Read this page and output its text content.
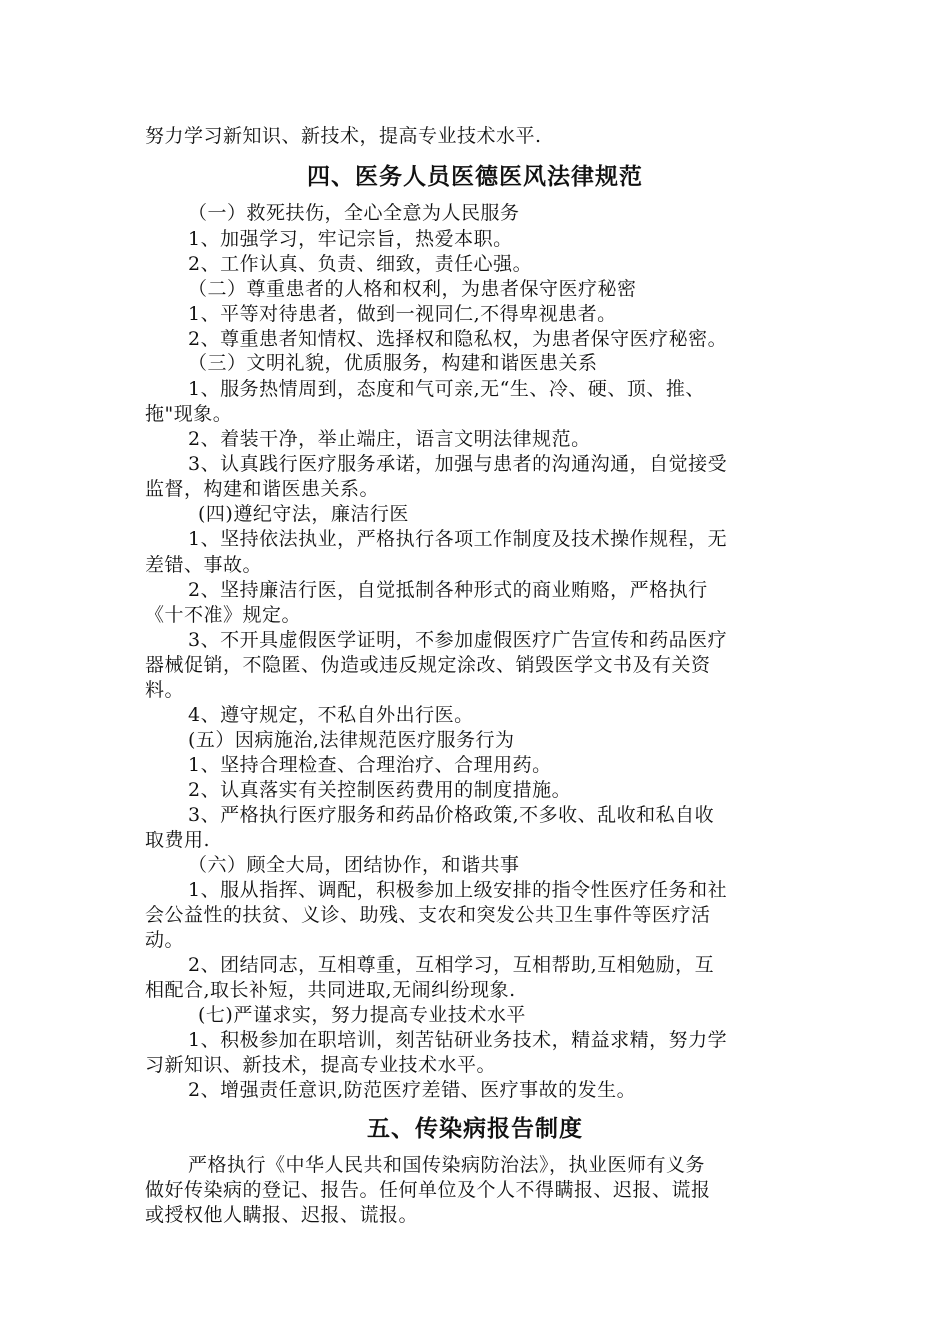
努力学习新知识、新技术，提高专业技术水平.
四、医务人员医德医风法律规范
（一）救死扶伤，全心全意为人民服务
1、加强学习，牢记宗旨，热爱本职。
2、工作认真、负责、细致，责任心强。
（二）尊重患者的人格和权利，为患者保守医疗秘密
1、平等对待患者，做到一视同仁,不得卑视患者。
2、尊重患者知情权、选择权和隐私权，为患者保守医疗秘密。
（三）文明礼貌，优质服务，构建和谐医患关系
1、服务热情周到，态度和气可亲,无“生、冷、硬、顶、推、
拖"现象。
2、着装干净，举止端庄，语言文明法律规范。
3、认真践行医疗服务承诺，加强与患者的沟通沟通，自觉接受
监督，构建和谐医患关系。
(四)遵纪守法，廉洁行医
1、坚持依法执业，严格执行各项工作制度及技术操作规程，无
差错、事故。
2、坚持廉洁行医，自觉抵制各种形式的商业贿赂，严格执行
《十不准》规定。
3、不开具虚假医学证明，不参加虚假医疗广告宣传和药品医疗
器械促销，不隐匿、伪造或违反规定涂改、销毁医学文书及有关资
料。
4、遵守规定，不私自外出行医。
(五）因病施治,法律规范医疗服务行为
1、坚持合理检查、合理治疗、合理用药。
2、认真落实有关控制医药费用的制度措施。
3、严格执行医疗服务和药品价格政策,不多收、乱收和私自收
取费用.
（六）顾全大局，团结协作，和谐共事
1、服从指挥、调配，积极参加上级安排的指令性医疗任务和社
会公益性的扶贫、义诊、助残、支农和突发公共卫生事件等医疗活
动。
2、团结同志，互相尊重，互相学习，互相帮助,互相勉励，互
相配合,取长补短，共同进取,无闹纠纷现象.
(七)严谨求实，努力提高专业技术水平
1、积极参加在职培训，刻苦钻研业务技术，精益求精，努力学
习新知识、新技术，提高专业技术水平。
2、增强责任意识,防范医疗差错、医疗事故的发生。
五、传染病报告制度
严格执行《中华人民共和国传染病防治法》，执业医师有义务
做好传染病的登记、报告。任何单位及个人不得瞒报、迟报、谎报
或授权他人瞒报、迟报、谎报。
